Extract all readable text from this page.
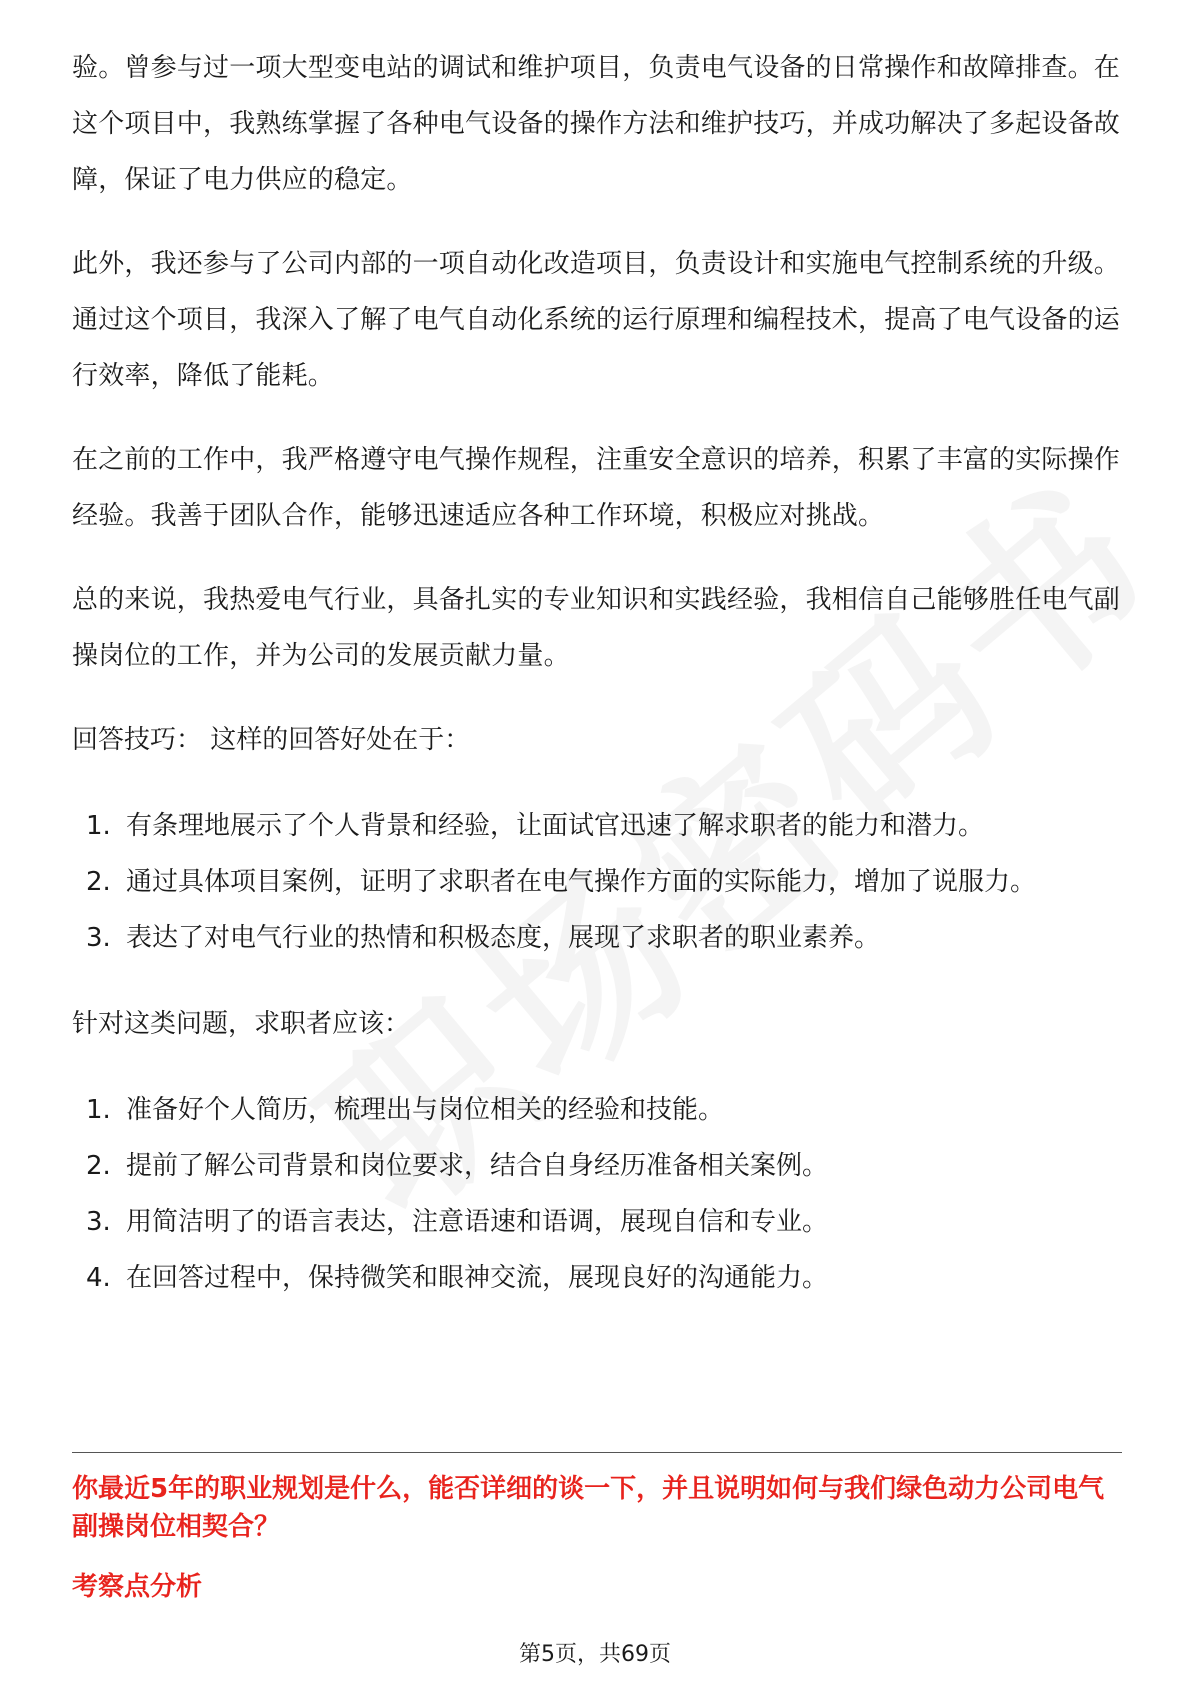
验。曾参与过一项大型变电站的调试和维护项目，负责电气设备的日常操作和故障排查。在这个项目中，我熟练掌握了各种电气设备的操作方法和维护技巧，并成功解决了多起设备故障，保证了电力供应的稳定。

此外，我还参与了公司内部的一项自动化改造项目，负责设计和实施电气控制系统的升级。通过这个项目，我深入了解了电气自动化系统的运行原理和编程技术，提高了电气设备的运行效率，降低了能耗。

在之前的工作中，我严格遵守电气操作规程，注重安全意识的培养，积累了丰富的实际操作经验。我善于团队合作，能够迅速适应各种工作环境，积极应对挑战。

总的来说，我热爱电气行业，具备扎实的专业知识和实践经验，我相信自己能够胜任电气副操岗位的工作，并为公司的发展贡献力量。

回答技巧： 这样的回答好处在于：

1. 有条理地展示了个人背景和经验，让面试官迅速了解求职者的能力和潜力。
2. 通过具体项目案例，证明了求职者在电气操作方面的实际能力，增加了说服力。
3. 表达了对电气行业的热情和积极态度，展现了求职者的职业素养。

针对这类问题，求职者应该：

1. 准备好个人简历，梳理出与岗位相关的经验和技能。
2. 提前了解公司背景和岗位要求，结合自身经历准备相关案例。
3. 用简洁明了的语言表达，注意语速和语调，展现自信和专业。
4. 在回答过程中，保持微笑和眼神交流，展现良好的沟通能力。
你最近5年的职业规划是什么，能否详细的谈一下，并且说明如何与我们绿色动力公司电气副操岗位相契合？
考察点分析
第5页，共69页
